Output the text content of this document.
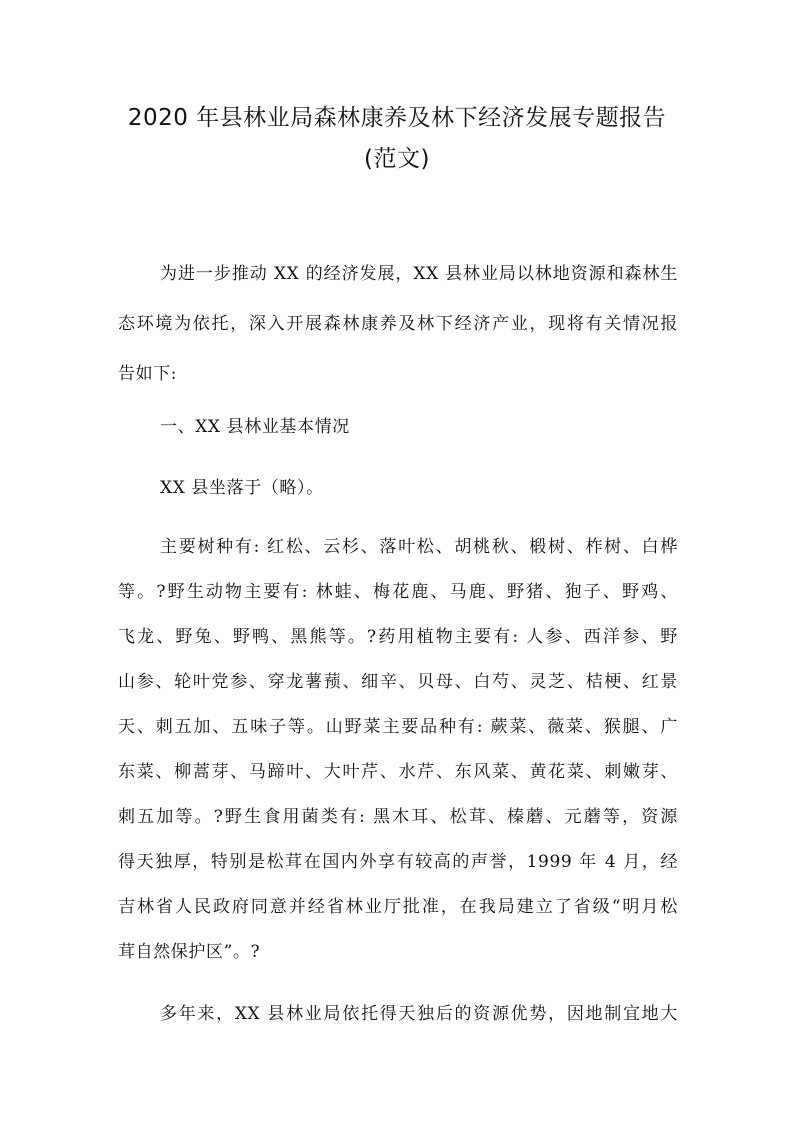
2020 年县林业局森林康养及林下经济发展专题报告
(范文)
为进一步推动 XX 的经济发展，XX 县林业局以林地资源和森林生
态环境为依托，深入开展森林康养及林下经济产业，现将有关情况报
告如下:
一、XX 县林业基本情况
XX 县坐落于（略）。
主要树种有: 红松、云杉、落叶松、胡桃秋、椴树、柞树、白桦
等。?野生动物主要有: 林蛙、梅花鹿、马鹿、野猪、狍子、野鸡、
飞龙、野兔、野鸭、黑熊等。?药用植物主要有: 人参、西洋参、野
山参、轮叶党参、穿龙薯蓣、细辛、贝母、白芍、灵芝、桔梗、红景
天、刺五加、五味子等。山野菜主要品种有: 蕨菜、薇菜、猴腿、广
东菜、柳蒿芽、马蹄叶、大叶芹、水芹、东风菜、黄花菜、刺嫩芽、
刺五加等。?野生食用菌类有: 黑木耳、松茸、榛蘑、元蘑等，资源
得天独厚，特别是松茸在国内外享有较高的声誉，1999 年 4 月，经
吉林省人民政府同意并经省林业厅批准，在我局建立了省级“明月松
茸自然保护区”。?
多年来，XX 县林业局依托得天独后的资源优势，因地制宜地大
